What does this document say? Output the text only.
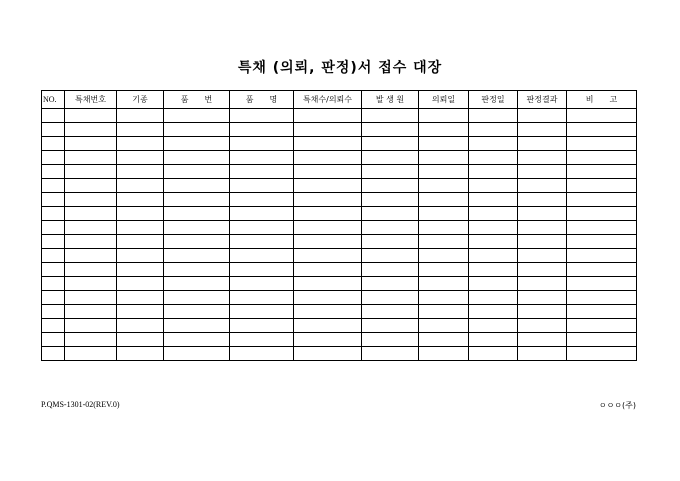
특채 (의뢰, 판정)서 접수 대장
NO.	특채번호	기종	품　　번	품　　명	특채수/의뢰수	발 생 원	의뢰일	판정일	판정결과	비　　고

P.QMS-1301-02(REV.0)	ㅇㅇㅇ(주)
